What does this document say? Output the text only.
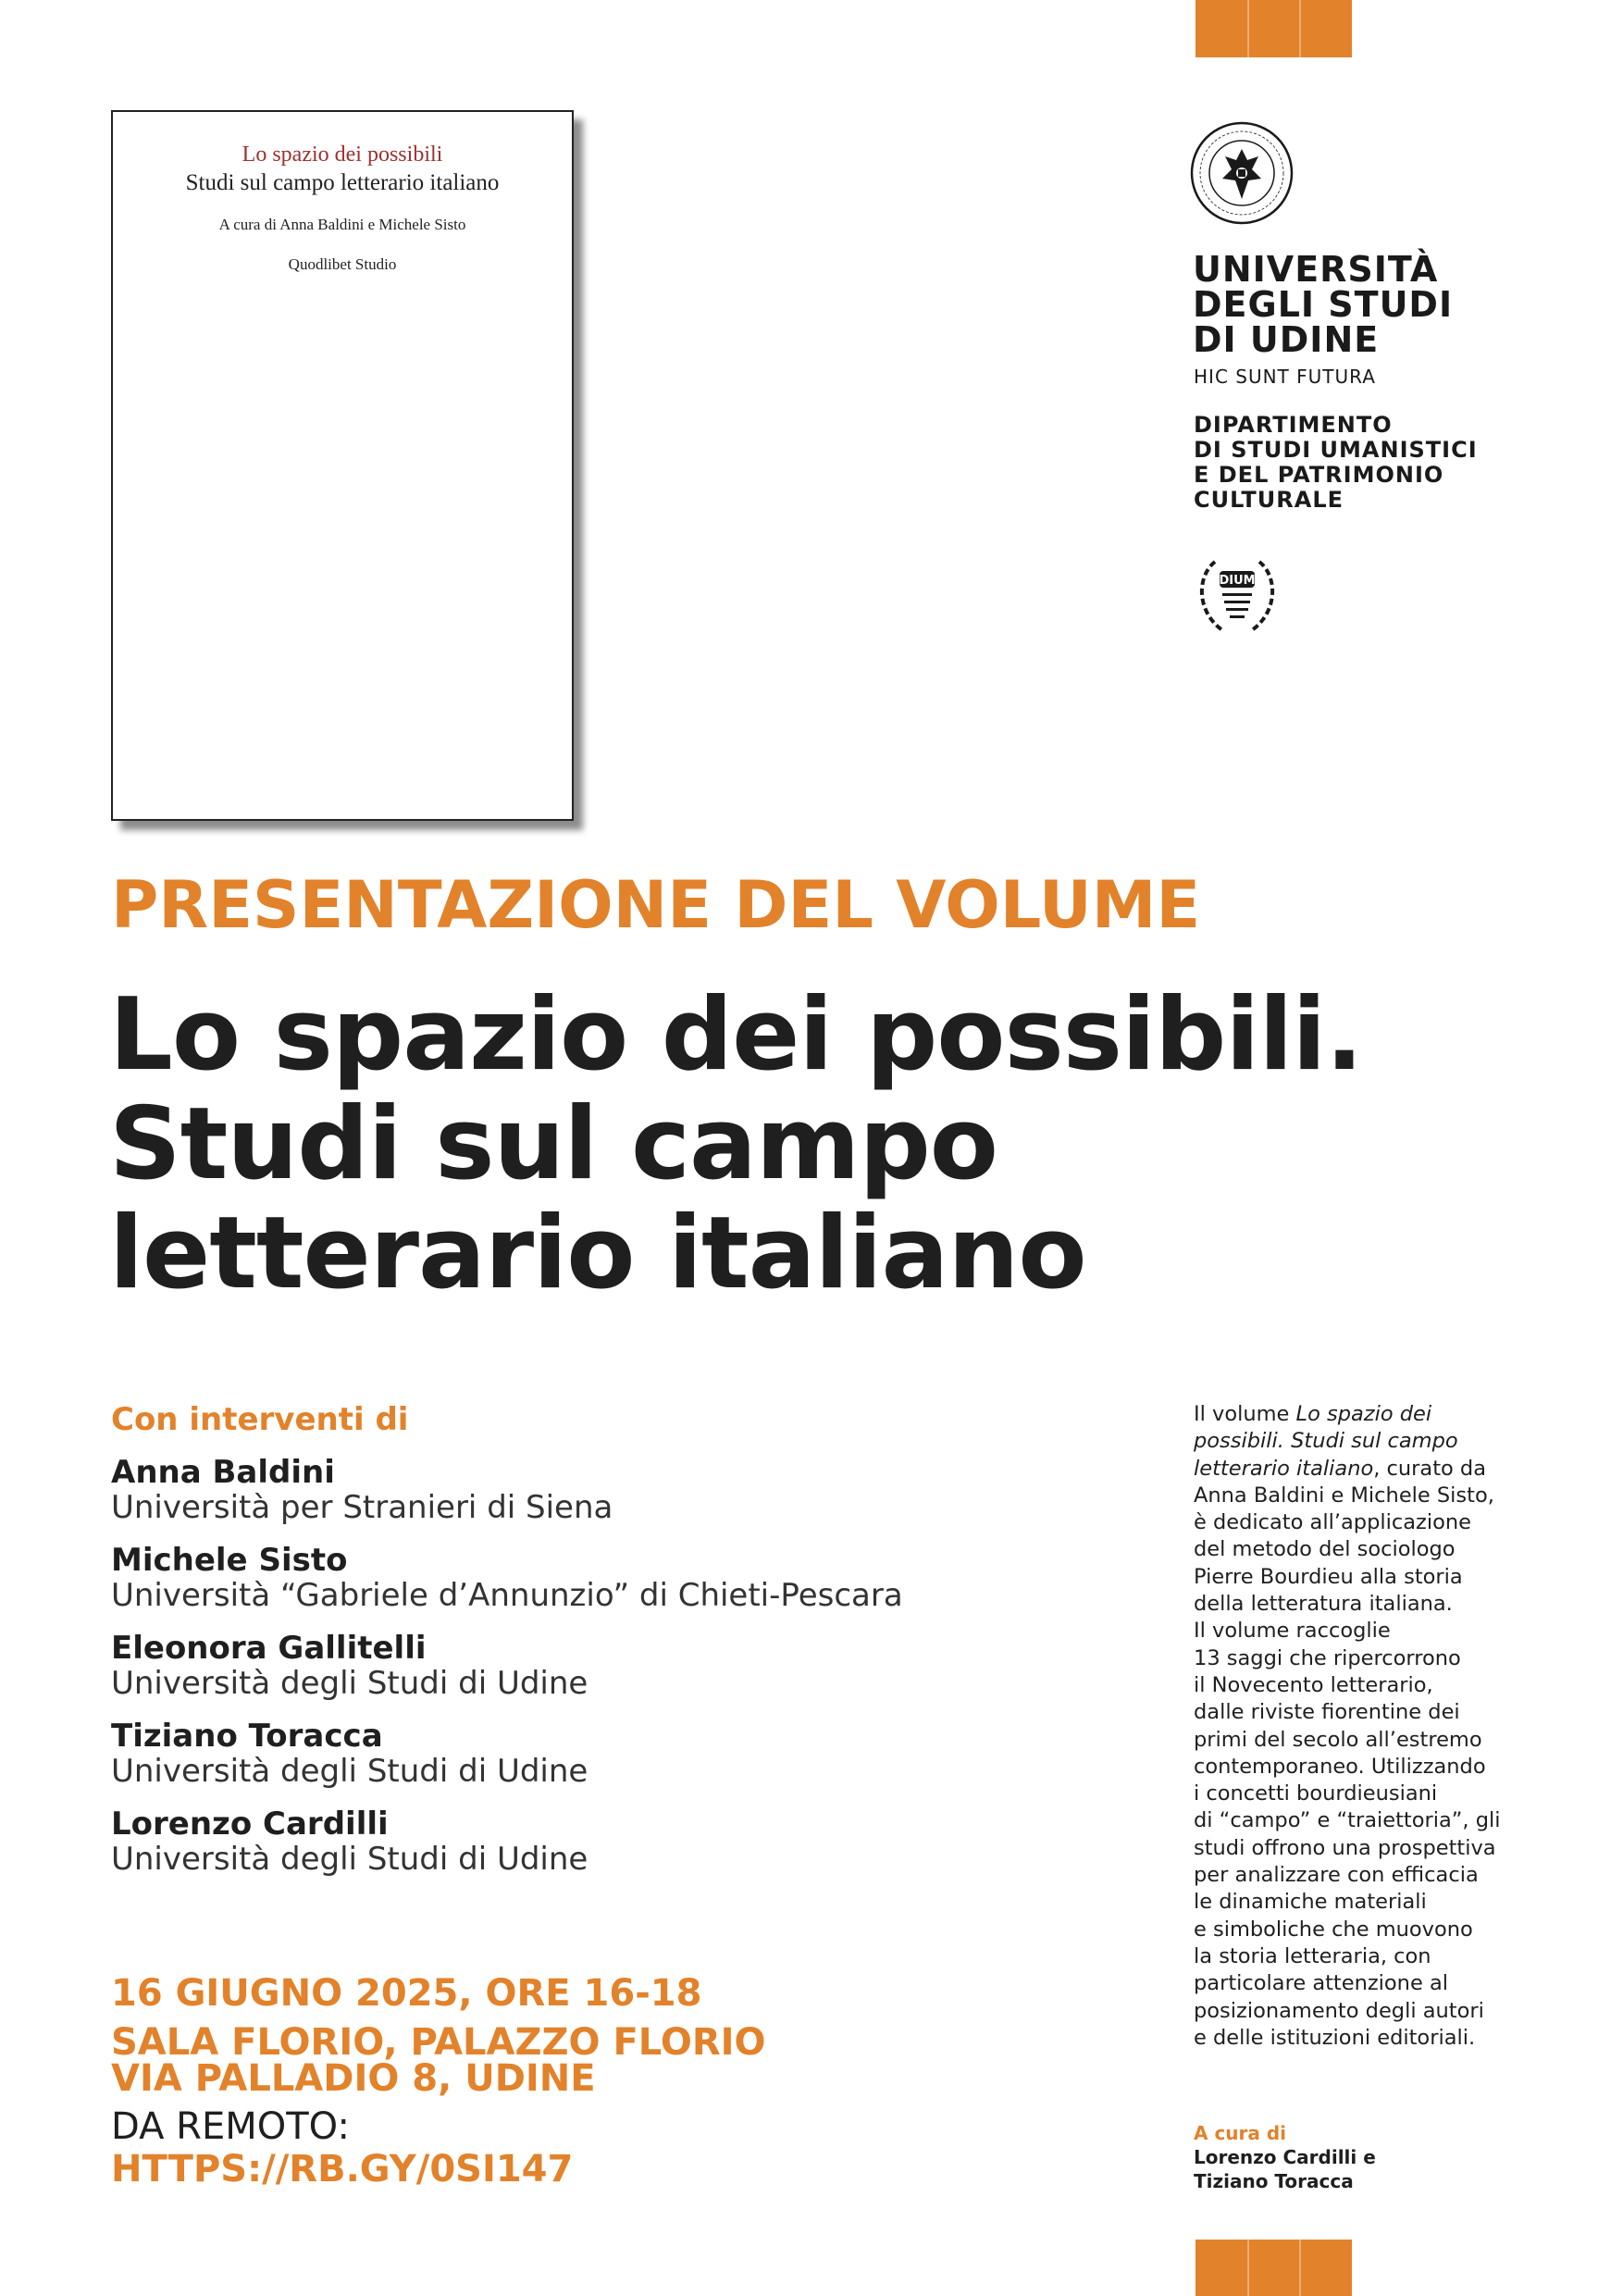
Lo spazio dei possibili
Studi sul campo letterario italiano
A cura di Anna Baldini e Michele Sisto
Quodlibet Studio	UNIVERSITÀ
DEGLI STUDI
DI UDINE
HIC SUNT FUTURA
DIPARTIMENTO
DI STUDI UMANISTICI
E DEL PATRIMONIO
CULTURALE
DIUM
PRESENTAZIONE DEL VOLUME
Lo spazio dei possibili.
Studi sul campo
letterario italiano
Con interventi di
Anna Baldini
Università per Stranieri di Siena
Michele Sisto
Università “Gabriele d’Annunzio” di Chieti-Pescara
Eleonora Gallitelli
Università degli Studi di Udine
Tiziano Toracca
Università degli Studi di Udine
Lorenzo Cardilli
Università degli Studi di Udine
16 GIUGNO 2025, ORE 16-18
SALA FLORIO, PALAZZO FLORIO
VIA PALLADIO 8, UDINE
DA REMOTO:
HTTPS://RB.GY/0SI147
Il volume Lo spazio dei
possibili. Studi sul campo
letterario italiano, curato da
Anna Baldini e Michele Sisto,
è dedicato all’applicazione
del metodo del sociologo
Pierre Bourdieu alla storia
della letteratura italiana.
Il volume raccoglie
13 saggi che ripercorrono
il Novecento letterario,
dalle riviste fiorentine dei
primi del secolo all’estremo
contemporaneo. Utilizzando
i concetti bourdieusiani
di “campo” e “traiettoria”, gli
studi offrono una prospettiva
per analizzare con efficacia
le dinamiche materiali
e simboliche che muovono
la storia letteraria, con
particolare attenzione al
posizionamento degli autori
e delle istituzioni editoriali.
A cura di
Lorenzo Cardilli e
Tiziano Toracca
